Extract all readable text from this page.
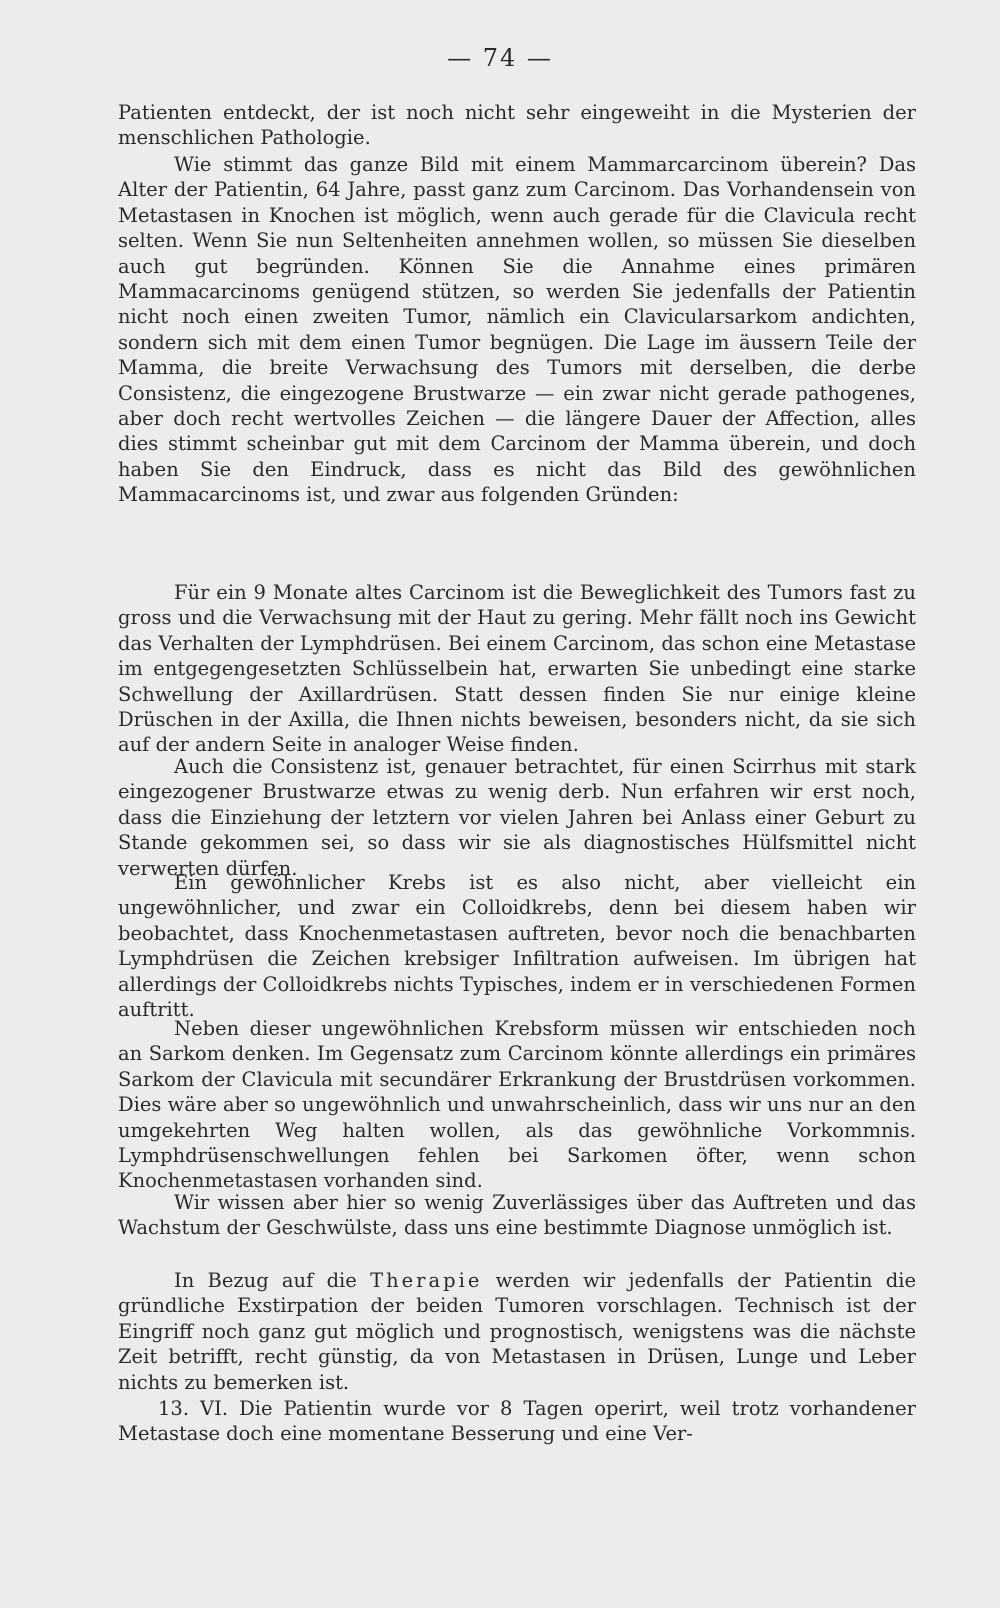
— 74 —

Patienten entdeckt, der ist noch nicht sehr eingeweiht in die Mysterien der menschlichen Pathologie.

Wie stimmt das ganze Bild mit einem Mammarcarcinom überein? Das Alter der Patientin, 64 Jahre, passt ganz zum Carcinom. Das Vorhandensein von Metastasen in Knochen ist möglich, wenn auch gerade für die Clavicula recht selten. Wenn Sie nun Seltenheiten annehmen wollen, so müssen Sie dieselben auch gut begründen. Können Sie die Annahme eines primären Mammacarcinoms genügend stützen, so werden Sie jedenfalls der Patientin nicht noch einen zweiten Tumor, nämlich ein Clavicularsarkom andichten, sondern sich mit dem einen Tumor begnügen. Die Lage im äussern Teile der Mamma, die breite Verwachsung des Tumors mit derselben, die derbe Consistenz, die eingezogene Brustwarze — ein zwar nicht gerade pathogenes, aber doch recht wertvolles Zeichen — die längere Dauer der Affection, alles dies stimmt scheinbar gut mit dem Carcinom der Mamma überein, und doch haben Sie den Eindruck, dass es nicht das Bild des gewöhnlichen Mammacarcinoms ist, und zwar aus folgenden Gründen:

Für ein 9 Monate altes Carcinom ist die Beweglichkeit des Tumors fast zu gross und die Verwachsung mit der Haut zu gering. Mehr fällt noch ins Gewicht das Verhalten der Lymphdrüsen. Bei einem Carcinom, das schon eine Metastase im entgegengesetzten Schlüsselbein hat, erwarten Sie unbedingt eine starke Schwellung der Axillardrüsen. Statt dessen finden Sie nur einige kleine Drüschen in der Axilla, die Ihnen nichts beweisen, besonders nicht, da sie sich auf der andern Seite in analoger Weise finden.

Auch die Consistenz ist, genauer betrachtet, für einen Scirrhus mit stark eingezogener Brustwarze etwas zu wenig derb. Nun erfahren wir erst noch, dass die Einziehung der letztern vor vielen Jahren bei Anlass einer Geburt zu Stande gekommen sei, so dass wir sie als diagnostisches Hülfsmittel nicht verwerten dürfen.

Ein gewöhnlicher Krebs ist es also nicht, aber vielleicht ein ungewöhnlicher, und zwar ein Colloidkrebs, denn bei diesem haben wir beobachtet, dass Knochenmetastasen auftreten, bevor noch die benachbarten Lymphdrüsen die Zeichen krebsiger Infiltration aufweisen. Im übrigen hat allerdings der Colloidkrebs nichts Typisches, indem er in verschiedenen Formen auftritt.

Neben dieser ungewöhnlichen Krebsform müssen wir entschieden noch an Sarkom denken. Im Gegensatz zum Carcinom könnte allerdings ein primäres Sarkom der Clavicula mit secundärer Erkrankung der Brustdrüsen vorkommen. Dies wäre aber so ungewöhnlich und unwahrscheinlich, dass wir uns nur an den umgekehrten Weg halten wollen, als das gewöhnliche Vorkommnis. Lymphdrüsenschwellungen fehlen bei Sarkomen öfter, wenn schon Knochenmetastasen vorhanden sind.

Wir wissen aber hier so wenig Zuverlässiges über das Auftreten und das Wachstum der Geschwülste, dass uns eine bestimmte Diagnose unmöglich ist.

In Bezug auf die Therapie werden wir jedenfalls der Patientin die gründliche Exstirpation der beiden Tumoren vorschlagen. Technisch ist der Eingriff noch ganz gut möglich und prognostisch, wenigstens was die nächste Zeit betrifft, recht günstig, da von Metastasen in Drüsen, Lunge und Leber nichts zu bemerken ist.

13. VI. Die Patientin wurde vor 8 Tagen operirt, weil trotz vorhandener Metastase doch eine momentane Besserung und eine Ver-
